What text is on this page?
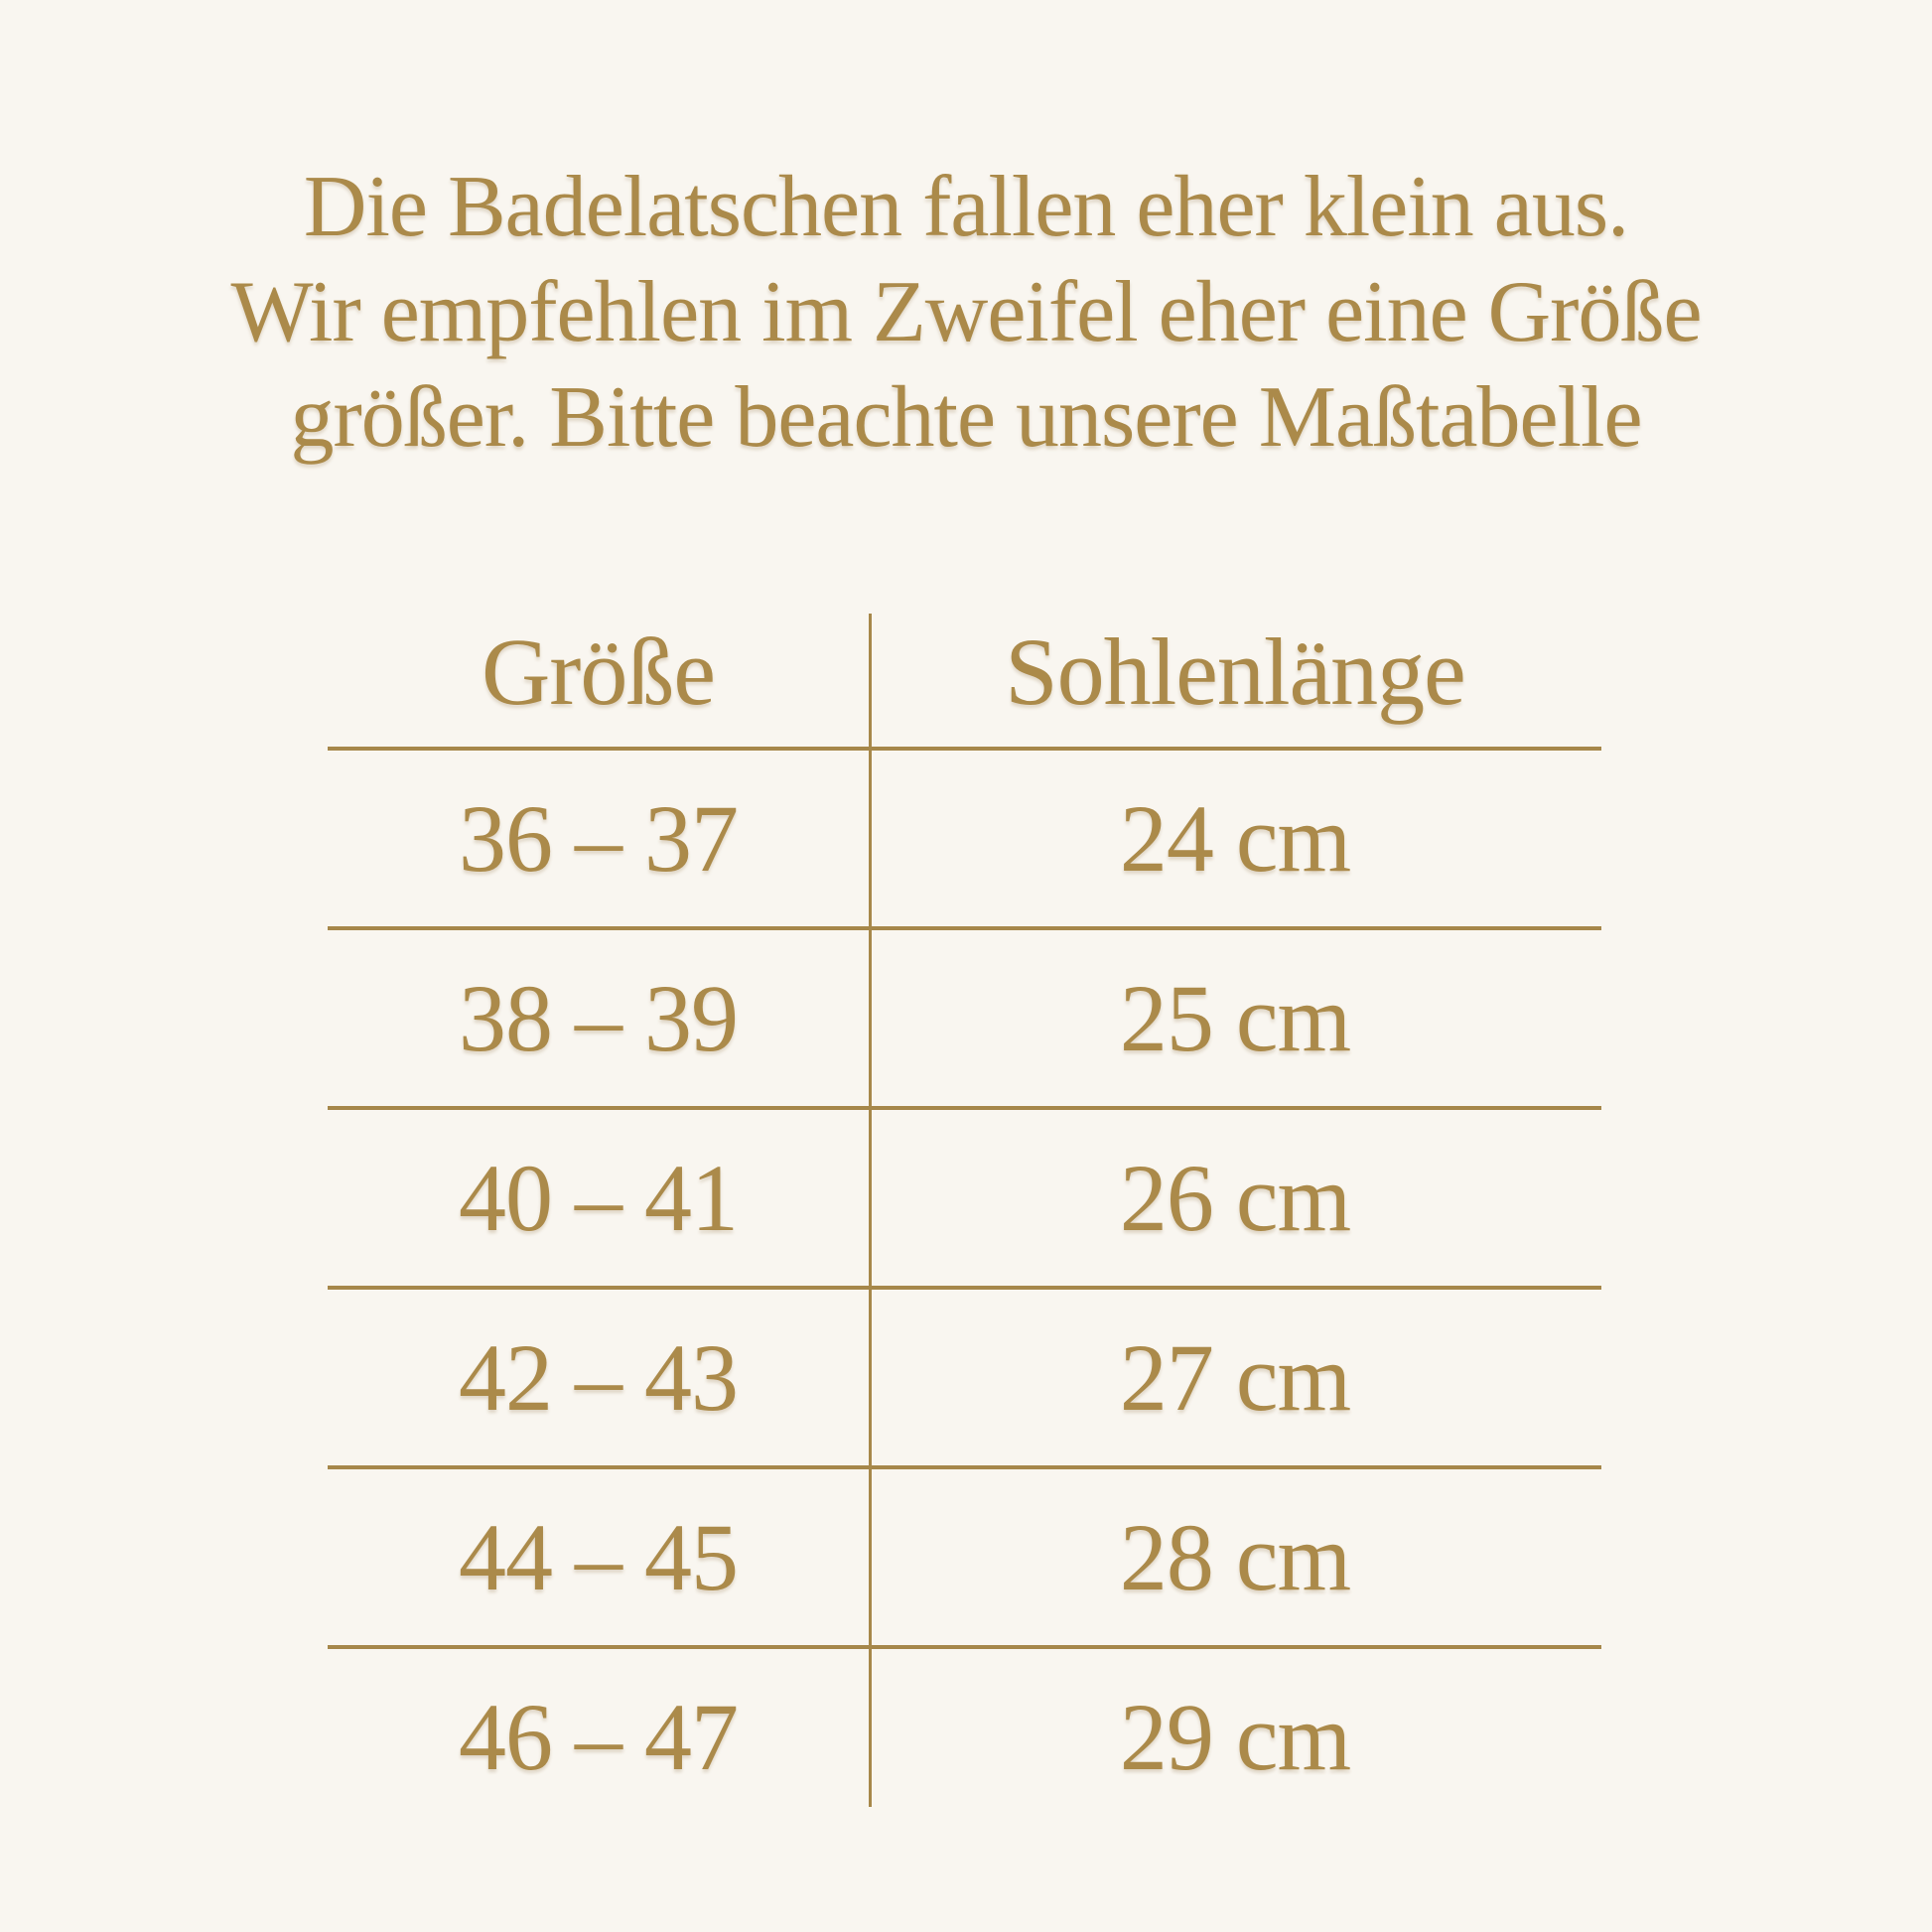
Die Badelatschen fallen eher klein aus.
Wir empfehlen im Zweifel eher eine Größe
größer. Bitte beachte unsere Maßtabelle
Größe	Sohlenlänge
36 – 37	24 cm
38 – 39	25 cm
40 – 41	26 cm
42 – 43	27 cm
44 – 45	28 cm
46 – 47	29 cm
